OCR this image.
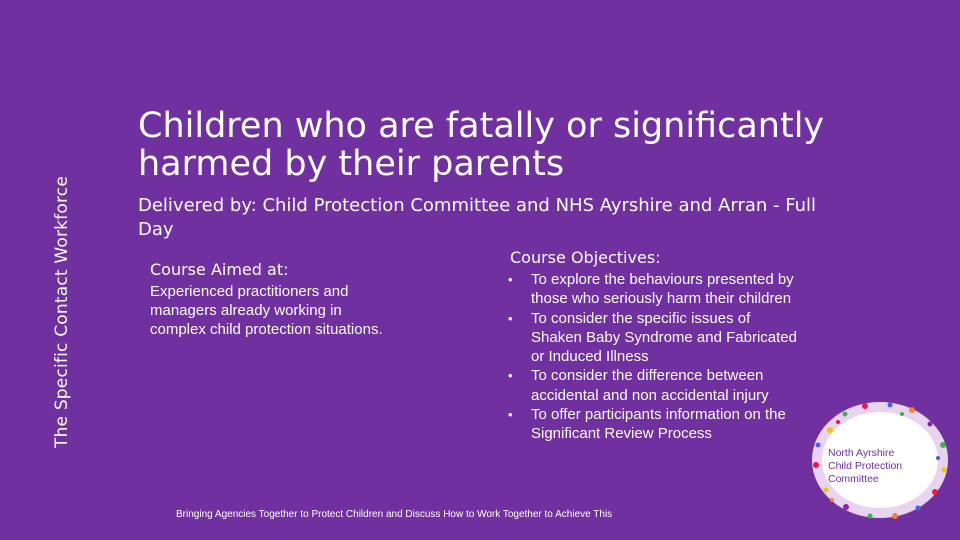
The Specific Contact Workforce
Children who are fatally or significantly harmed by their parents
Delivered by: Child Protection Committee and NHS Ayrshire and Arran - Full Day
Course Aimed at:
Experienced practitioners and managers already working in complex child protection situations.
Course Objectives:
• To explore the behaviours presented by those who seriously harm their children
• To consider the specific issues of Shaken Baby Syndrome and Fabricated or Induced Illness
• To consider the difference between accidental and non accidental injury
• To offer participants information on the Significant Review Process
Bringing Agencies Together to Protect Children and Discuss How to Work Together to Achieve This
North Ayrshire
Child Protection
Committee
